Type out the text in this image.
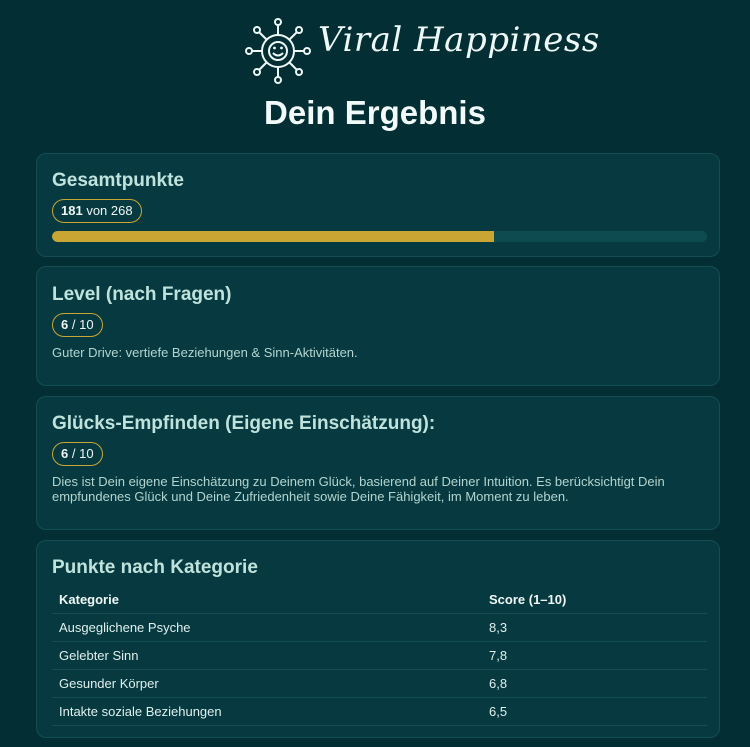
Viral Happiness
Dein Ergebnis
Gesamtpunkte
181 von 268
Level (nach Fragen)
6 / 10
Guter Drive: vertiefe Beziehungen & Sinn-Aktivitäten.
Glücks-Empfinden (Eigene Einschätzung):
6 / 10
Dies ist Dein eigene Einschätzung zu Deinem Glück, basierend auf Deiner Intuition. Es berücksichtigt Dein empfundenes Glück und Deine Zufriedenheit sowie Deine Fähigkeit, im Moment zu leben.
Punkte nach Kategorie
Kategorie	Score (1–10)
Ausgeglichene Psyche	8,3
Gelebter Sinn	7,8
Gesunder Körper	6,8
Intakte soziale Beziehungen	6,5
